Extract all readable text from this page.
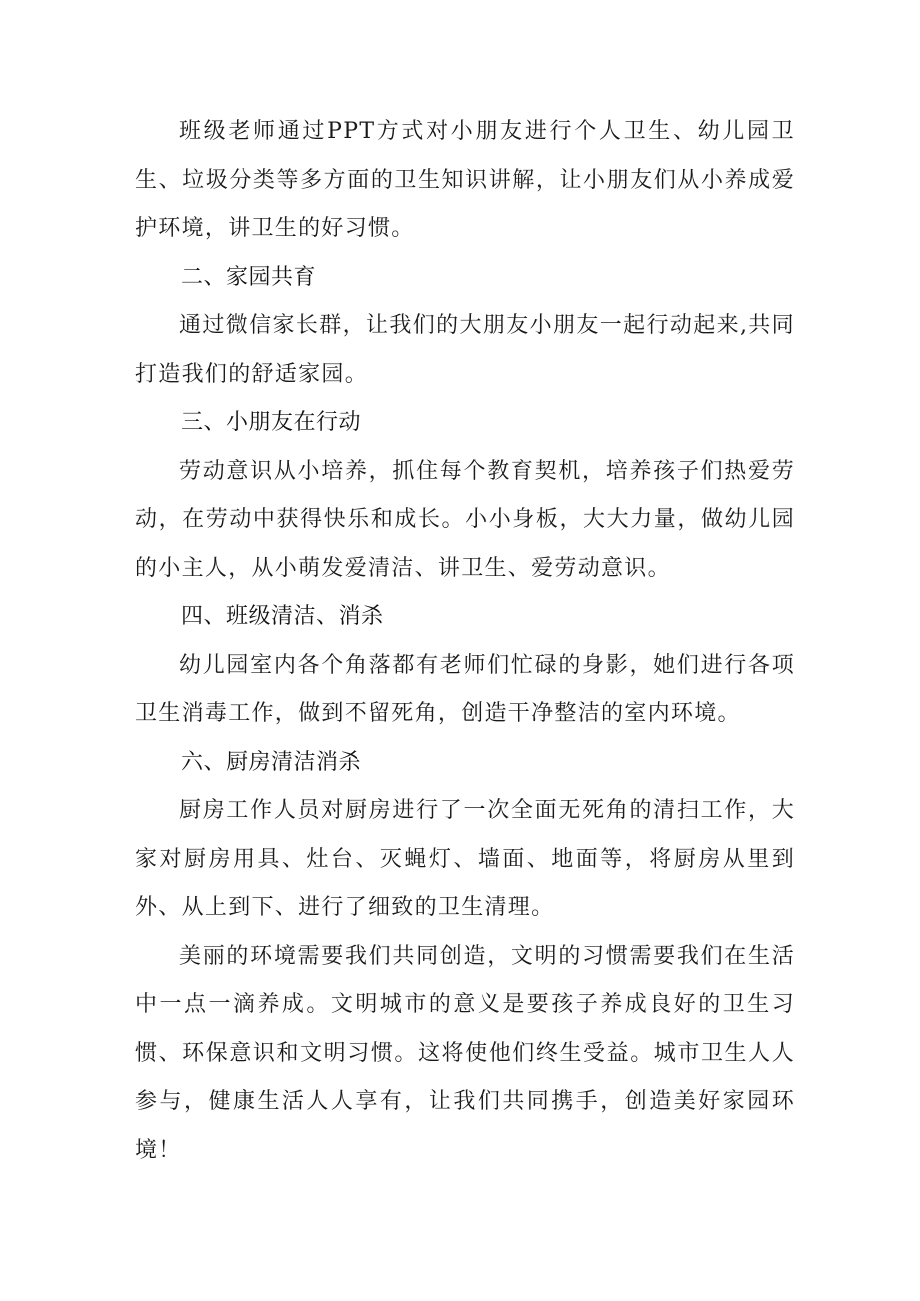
班级老师通过PPT方式对小朋友进行个人卫生、幼儿园卫生、垃圾分类等多方面的卫生知识讲解，让小朋友们从小养成爱护环境，讲卫生的好习惯。

二、家园共育

通过微信家长群，让我们的大朋友小朋友一起行动起来,共同打造我们的舒适家园。

三、小朋友在行动

劳动意识从小培养，抓住每个教育契机，培养孩子们热爱劳动，在劳动中获得快乐和成长。小小身板，大大力量，做幼儿园的小主人，从小萌发爱清洁、讲卫生、爱劳动意识。

四、班级清洁、消杀

幼儿园室内各个角落都有老师们忙碌的身影，她们进行各项卫生消毒工作，做到不留死角，创造干净整洁的室内环境。

六、厨房清洁消杀

厨房工作人员对厨房进行了一次全面无死角的清扫工作，大家对厨房用具、灶台、灭蝇灯、墙面、地面等，将厨房从里到外、从上到下、进行了细致的卫生清理。

美丽的环境需要我们共同创造，文明的习惯需要我们在生活中一点一滴养成。文明城市的意义是要孩子养成良好的卫生习惯、环保意识和文明习惯。这将使他们终生受益。城市卫生人人参与，健康生活人人享有，让我们共同携手，创造美好家园环境！
